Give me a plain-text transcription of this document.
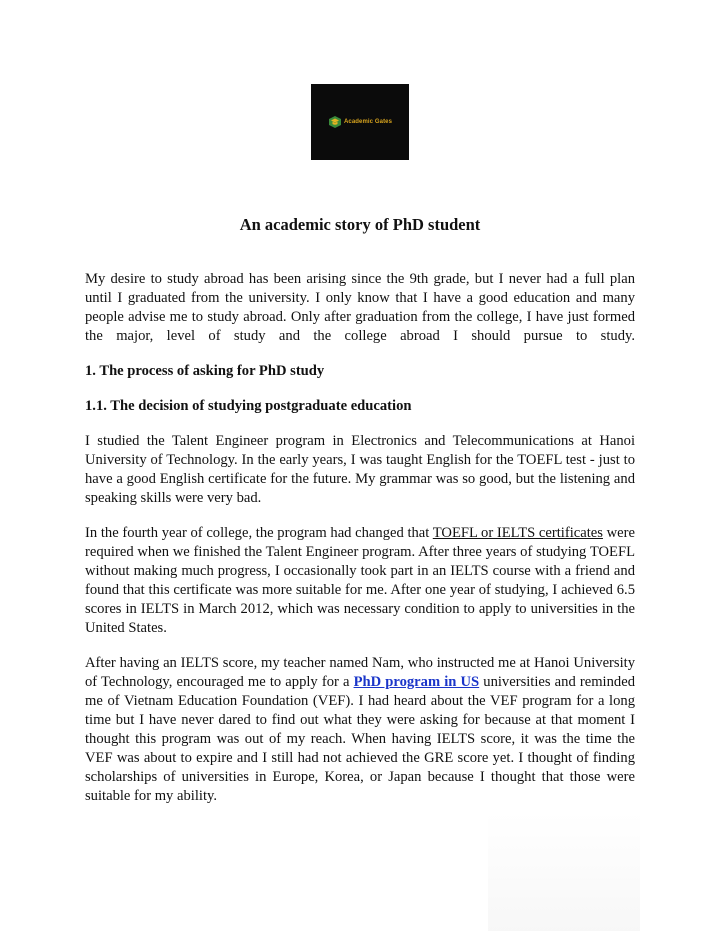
Academic Gates
An academic story of PhD student

My desire to study abroad has been arising since the 9th grade, but I never had a full plan until I graduated from the university. I only know that I have a good education and many people advise me to study abroad. Only after graduation from the college, I have just formed the major, level of study and the college abroad I should pursue to study.

1. The process of asking for PhD study
1.1. The decision of studying postgraduate education

I studied the Talent Engineer program in Electronics and Telecommunications at Hanoi University of Technology. In the early years, I was taught English for the TOEFL test - just to have a good English certificate for the future. My grammar was so good, but the listening and speaking skills were very bad.

In the fourth year of college, the program had changed that TOEFL or IELTS certificates were required when we finished the Talent Engineer program. After three years of studying TOEFL without making much progress, I occasionally took part in an IELTS course with a friend and found that this certificate was more suitable for me. After one year of studying, I achieved 6.5 scores in IELTS in March 2012, which was necessary condition to apply to universities in the United States.

After having an IELTS score, my teacher named Nam, who instructed me at Hanoi University of Technology, encouraged me to apply for a PhD program in US universities and reminded me of Vietnam Education Foundation (VEF). I had heard about the VEF program for a long time but I have never dared to find out what they were asking for because at that moment I thought this program was out of my reach. When having IELTS score, it was the time the VEF was about to expire and I still had not achieved the GRE score yet. I thought of finding scholarships of universities in Europe, Korea, or Japan because I thought that those were suitable for my ability.
